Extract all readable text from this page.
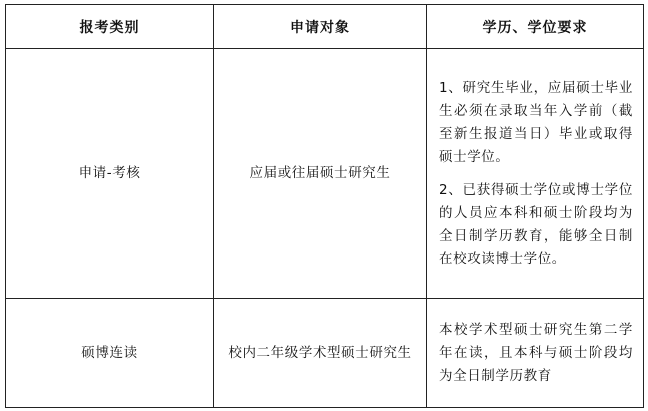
报考类别	申请对象	学历、学位要求
申请-考核	应届或往届硕士研究生	1、研究生毕业，应届硕士毕业生必须在录取当年入学前（截至新生报道当日）毕业或取得硕士学位。

2、已获得硕士学位或博士学位的人员应本科和硕士阶段均为全日制学历教育，能够全日制在校攻读博士学位。

硕博连读	校内二年级学术型硕士研究生	本校学术型硕士研究生第二学年在读，且本科与硕士阶段均为全日制学历教育
